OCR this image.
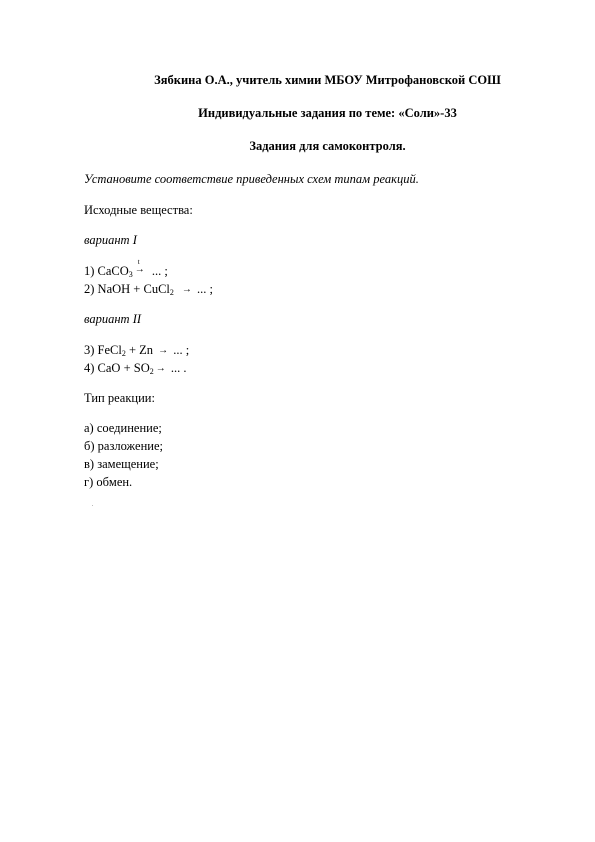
Зябкина О.А., учитель химии МБОУ Митрофановской СОШ
Индивидуальные задания по теме: «Соли»-33
Задания для самоконтроля.
Установите соответствие приведенных схем типам реакций.
Исходные вещества:
вариант I
1) CaCO$_3$
t
→ ... ;
2) NaOH + CuCl$_2$ → ... ;
вариант II
3) FeCl$_2$ + Zn → ... ;
4) CaO + $SO_2$ → ... .
Тип реакции:
а) соединение;
б) разложение;
в) замещение;
г) обмен.
